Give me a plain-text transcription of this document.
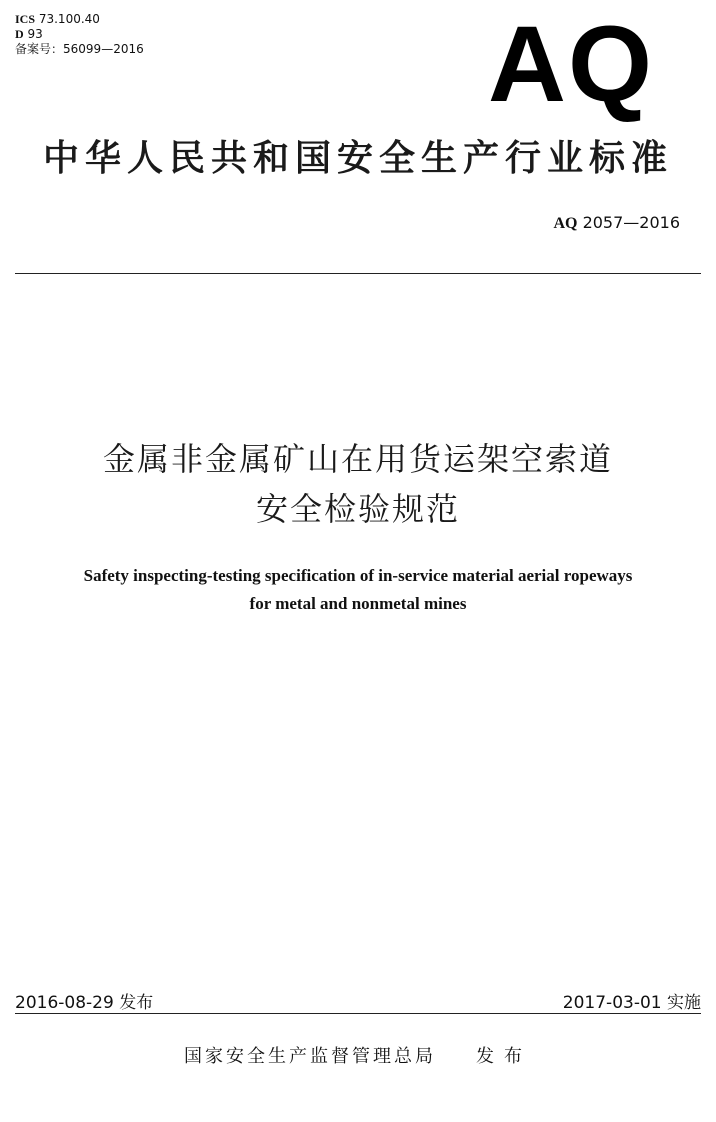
ICS 73.100.40
D 93
备案号：56099—2016	AQ
中华人民共和国安全生产行业标准
AQ 2057—2016
金属非金属矿山在用货运架空索道
安全检验规范
Safety inspecting-testing specification of in-service material aerial ropeways
for metal and nonmetal mines
2016-08-29 发布	2017-03-01 实施
国家安全生产监督管理总局 发布
